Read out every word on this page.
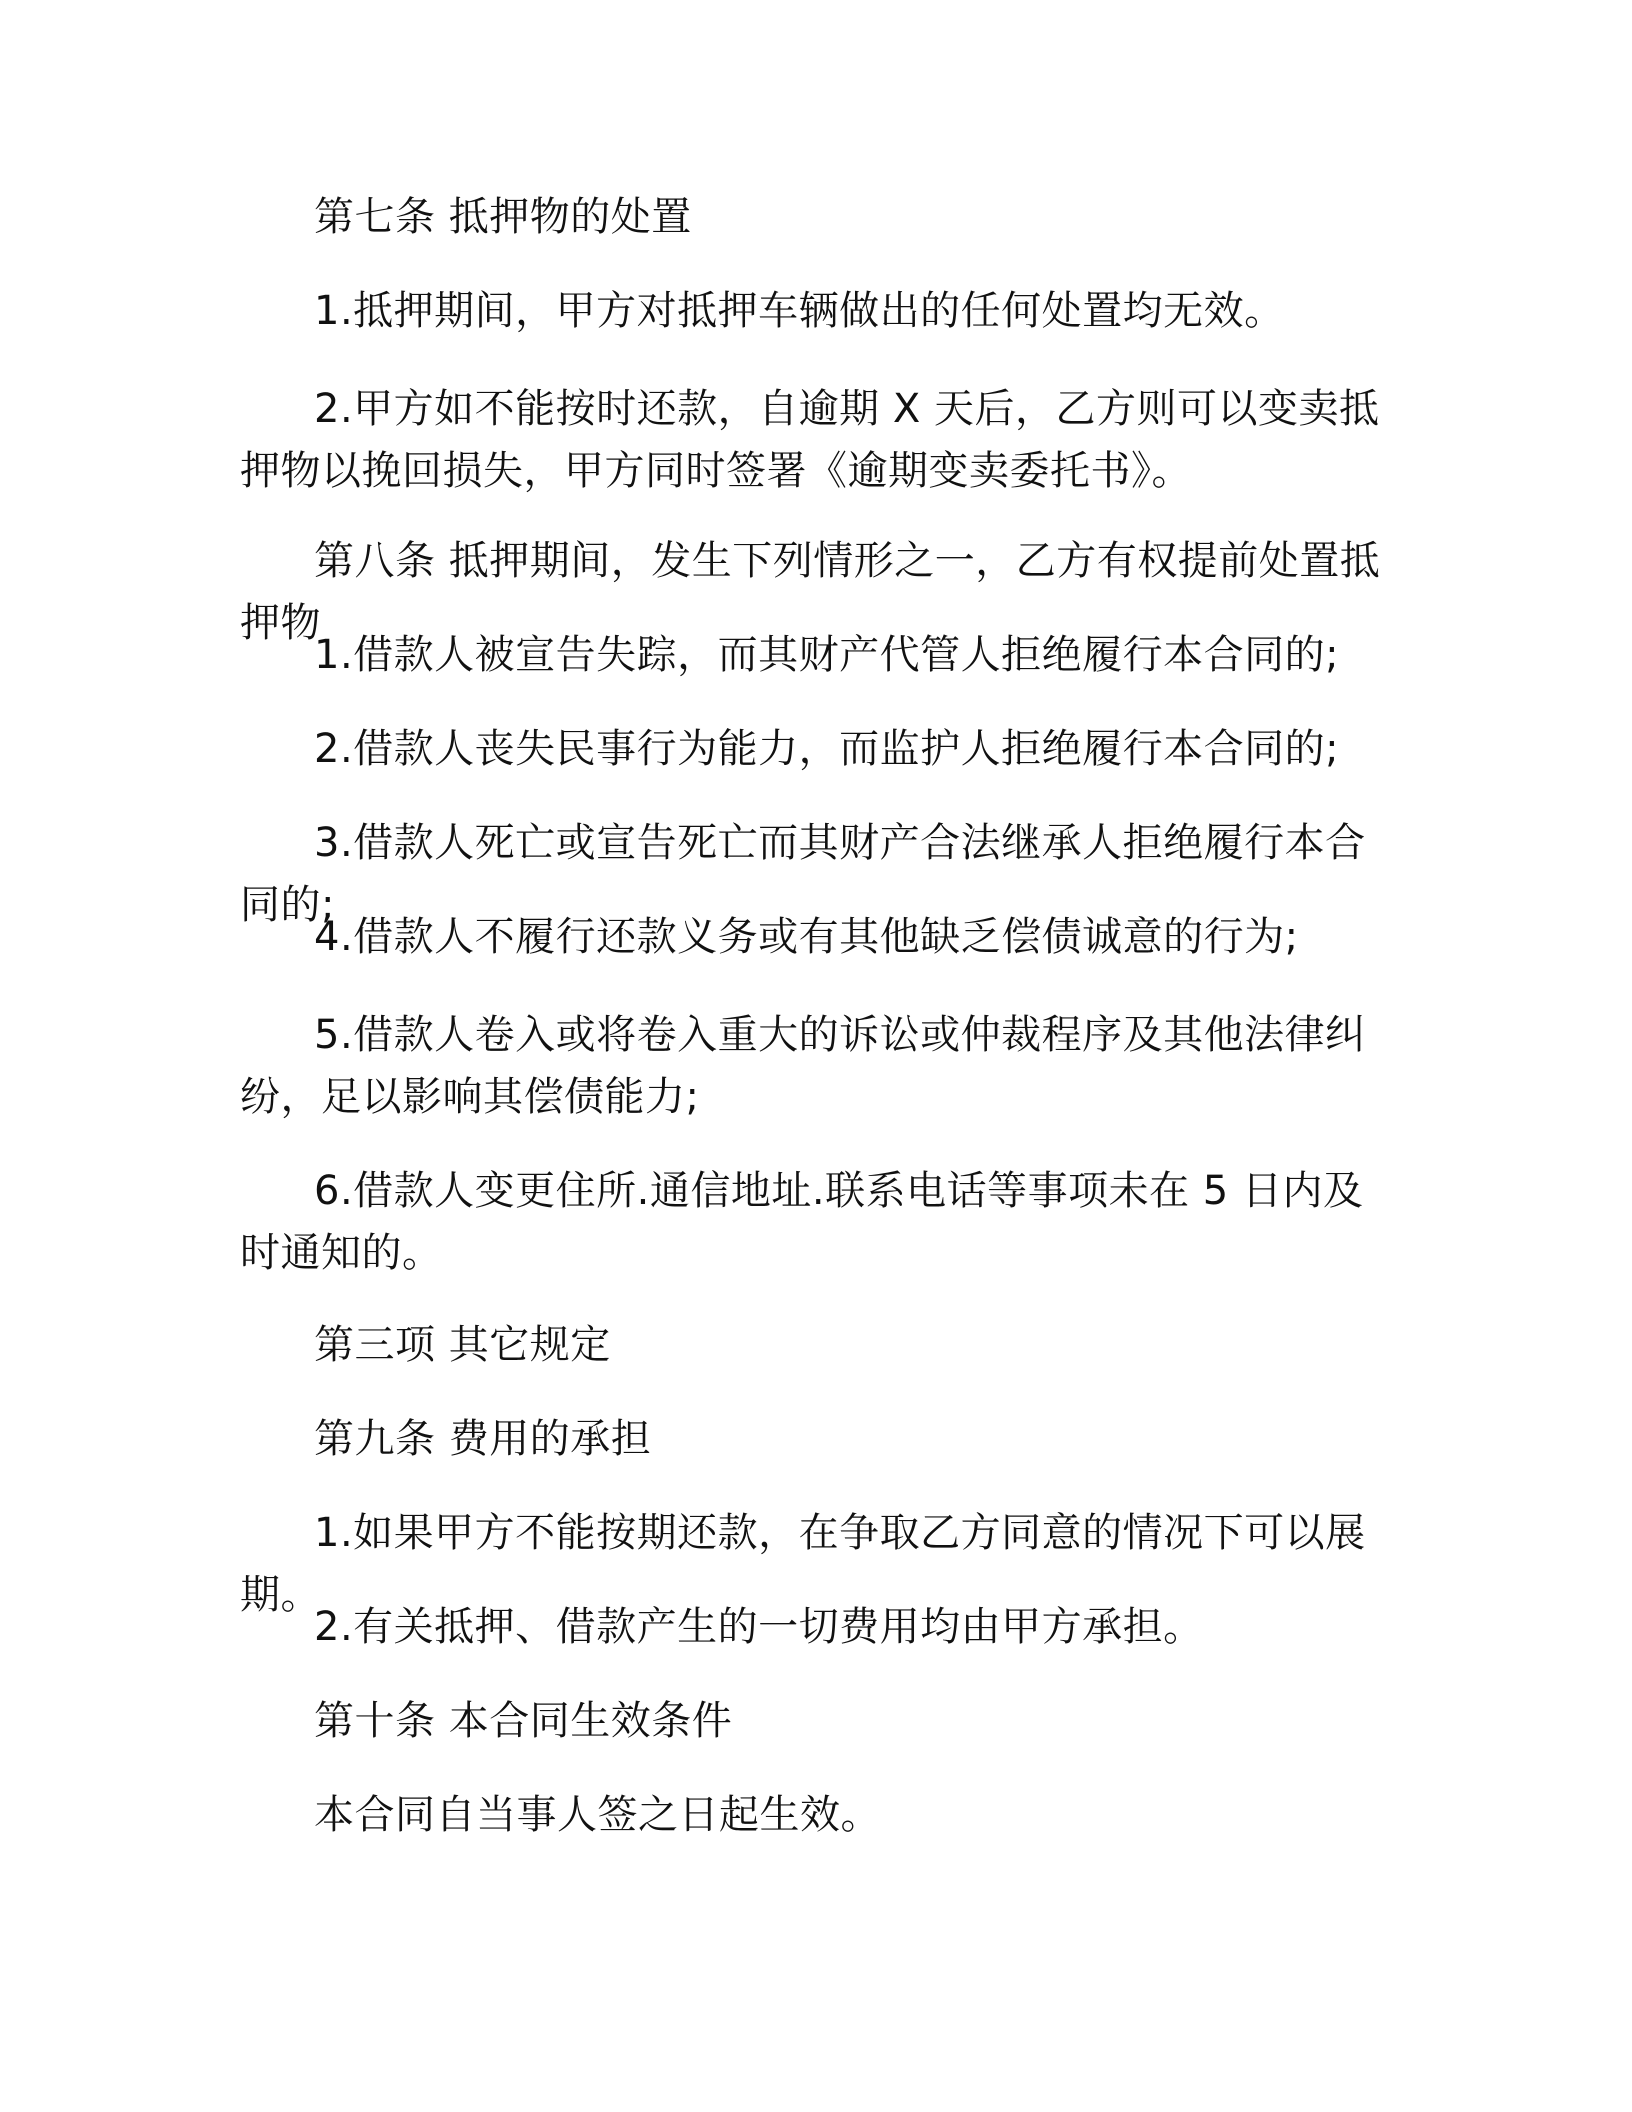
第七条 抵押物的处置

1.抵押期间，甲方对抵押车辆做出的任何处置均无效。

2.甲方如不能按时还款，自逾期 X 天后，乙方则可以变卖抵押物以挽回损失，甲方同时签署《逾期变卖委托书》。

第八条 抵押期间，发生下列情形之一，乙方有权提前处置抵押物

1.借款人被宣告失踪，而其财产代管人拒绝履行本合同的;

2.借款人丧失民事行为能力，而监护人拒绝履行本合同的;

3.借款人死亡或宣告死亡而其财产合法继承人拒绝履行本合同的;

4.借款人不履行还款义务或有其他缺乏偿债诚意的行为;

5.借款人卷入或将卷入重大的诉讼或仲裁程序及其他法律纠纷，足以影响其偿债能力;

6.借款人变更住所.通信地址.联系电话等事项未在 5 日内及时通知的。

第三项 其它规定

第九条 费用的承担

1.如果甲方不能按期还款，在争取乙方同意的情况下可以展期。

2.有关抵押、借款产生的一切费用均由甲方承担。

第十条 本合同生效条件

本合同自当事人签之日起生效。
